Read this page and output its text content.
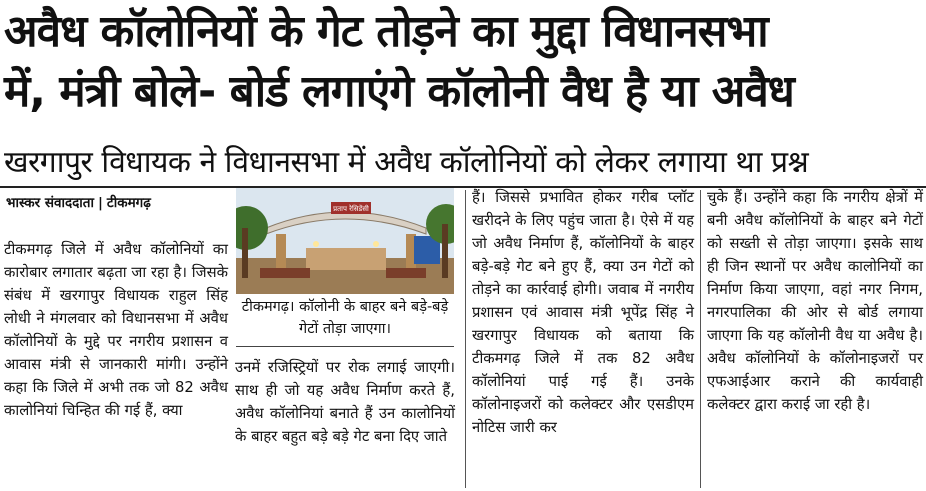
अवैध कॉलोनियों के गेट तोड़ने का मुद्दा विधानसभा
में, मंत्री बोले- बोर्ड लगाएंगे कॉलोनी वैध है या अवैध
खरगापुर विधायक ने विधानसभा में अवैध कॉलोनियों को लेकर लगाया था प्रश्न
भास्कर संवाददाता | टीकमगढ़
टीकमगढ़ जिले में अवैध कॉलोनियों का कारोबार लगातार बढ़ता जा रहा है। जिसके संबंध में खरगापुर विधायक राहुल सिंह लोधी ने मंगलवार को विधानसभा में अवैध कॉलोनियों के मुद्दे पर नगरीय प्रशासन व आवास मंत्री से जानकारी मांगी। उन्होंने कहा कि जिले में अभी तक जो 82 अवैध कालोनियां चिन्हित की गई हैं, क्या
प्रताप रेसिडेंसी
टीकमगढ़। कॉलोनी के बाहर बने बड़े-बड़े गेटों तोड़ा जाएगा।
उनमें रजिस्ट्रियों पर रोक लगाई जाएगी। साथ ही जो यह अवैध निर्माण करते हैं, अवैध कॉलोनियां बनाते हैं उन कालोनियों के बाहर बहुत बड़े बड़े गेट बना दिए जाते
हैं। जिससे प्रभावित होकर गरीब प्लॉट खरीदने के लिए पहुंच जाता है। ऐसे में यह जो अवैध निर्माण हैं, कॉलोनियों के बाहर बड़े-बड़े गेट बने हुए हैं, क्या उन गेटों को तोड़ने का कार्रवाई होगी। जवाब में नगरीय प्रशासन एवं आवास मंत्री भूपेंद्र सिंह ने खरगापुर विधायक को बताया कि टीकमगढ़ जिले में तक 82 अवैध कॉलोनियां पाई गई हैं। उनके कॉलोनाइजरों को कलेक्टर और एसडीएम नोटिस जारी कर
चुके हैं। उन्होंने कहा कि नगरीय क्षेत्रों में बनी अवैध कॉलोनियों के बाहर बने गेटों को सख्ती से तोड़ा जाएगा। इसके साथ ही जिन स्थानों पर अवैध कालोनियों का निर्माण किया जाएगा, वहां नगर निगम, नगरपालिका की ओर से बोर्ड लगाया जाएगा कि यह कॉलोनी वैध या अवैध है। अवैध कॉलोनियों के कॉलोनाइजरों पर एफआईआर कराने की कार्यवाही कलेक्टर द्वारा कराई जा रही है।
